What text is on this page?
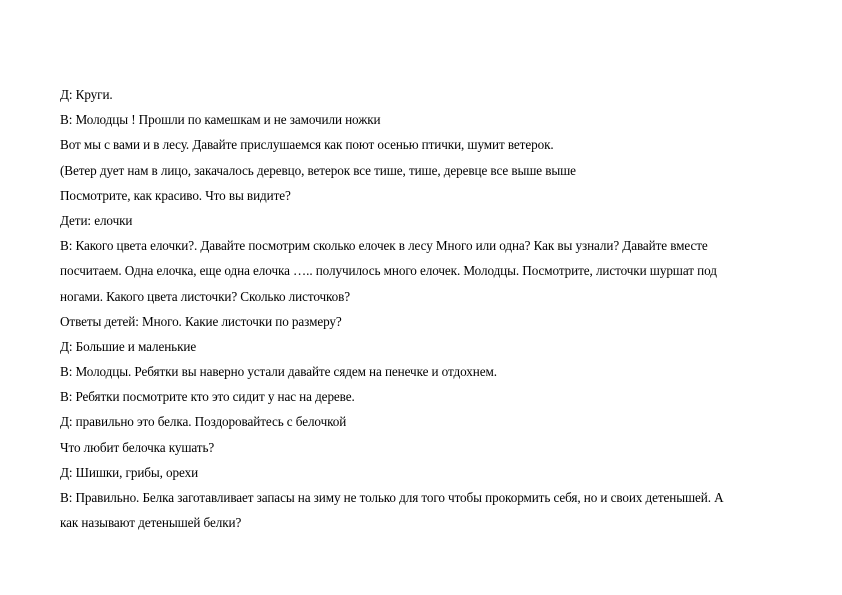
Д: Круги.
В: Молодцы ! Прошли по камешкам и не замочили ножки
Вот мы с вами и в лесу. Давайте прислушаемся как поют осенью птички, шумит ветерок.
(Ветер дует нам в лицо, закачалось деревцо, ветерок все тише, тише, деревце все выше выше
Посмотрите, как красиво. Что вы видите?
Дети: елочки
В: Какого цвета елочки?. Давайте посмотрим сколько елочек в лесу Много или одна? Как вы узнали? Давайте вместе
посчитаем. Одна елочка, еще одна елочка ….. получилось много елочек. Молодцы. Посмотрите, листочки шуршат под
ногами. Какого цвета листочки? Сколько листочков?
Ответы детей: Много. Какие листочки по размеру?
Д: Большие и маленькие
В: Молодцы. Ребятки вы наверно устали давайте сядем на пенечке и отдохнем.
В: Ребятки посмотрите кто это сидит у нас на дереве.
Д: правильно это белка. Поздоровайтесь с белочкой
Что любит белочка кушать?
Д: Шишки, грибы, орехи
В: Правильно. Белка заготавливает запасы на зиму не только для того чтобы прокормить себя, но и своих детенышей. А
как называют детенышей белки?
